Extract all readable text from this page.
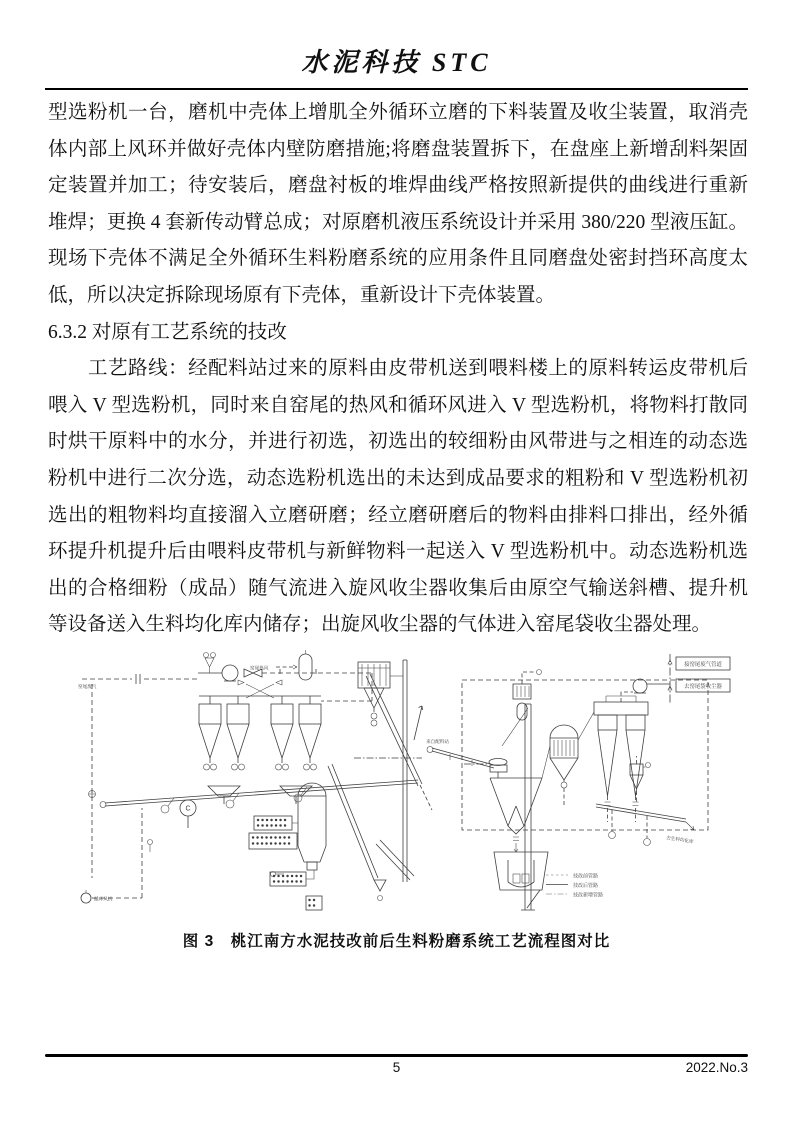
水泥科技 STC
型选粉机一台，磨机中壳体上增肌全外循环立磨的下料装置及收尘装置，取消壳
体内部上风环并做好壳体内壁防磨措施;将磨盘装置拆下，在盘座上新增刮料架固
定装置并加工；待安装后，磨盘衬板的堆焊曲线严格按照新提供的曲线进行重新
堆焊；更换 4 套新传动臂总成；对原磨机液压系统设计并采用 380/220 型液压缸。
现场下壳体不满足全外循环生料粉磨系统的应用条件且同磨盘处密封挡环高度太
低，所以决定拆除现场原有下壳体，重新设计下壳体装置。
6.3.2 对原有工艺系统的技改
　　工艺路线：经配料站过来的原料由皮带机送到喂料楼上的原料转运皮带机后
喂入 V 型选粉机，同时来自窑尾的热风和循环风进入 V 型选粉机，将物料打散同
时烘干原料中的水分，并进行初选，初选出的较细粉由风带进与之相连的动态选
粉机中进行二次分选，动态选粉机选出的未达到成品要求的粗粉和 V 型选粉机初
选出的粗物料均直接溜入立磨研磨；经立磨研磨后的物料由排料口排出，经外循
环提升机提升后由喂料皮带机与新鲜物料一起送入 V 型选粉机中。动态选粉机选
出的合格细粉（成品）随气流进入旋风收尘器收集后由原空气输送斜槽、提升机
等设备送入生料均化库内储存；出旋风收尘器的气体进入窑尾袋收尘器处理。
窑尾废气
C
循环风机
窑尾热风
来自配料站
接窑尾废气管道
去窑尾袋收尘器
去生料均化库
技改前管路
技改后管路
技改新增管路
图 3　桃江南方水泥技改前后生料粉磨系统工艺流程图对比
5	2022.No.3
